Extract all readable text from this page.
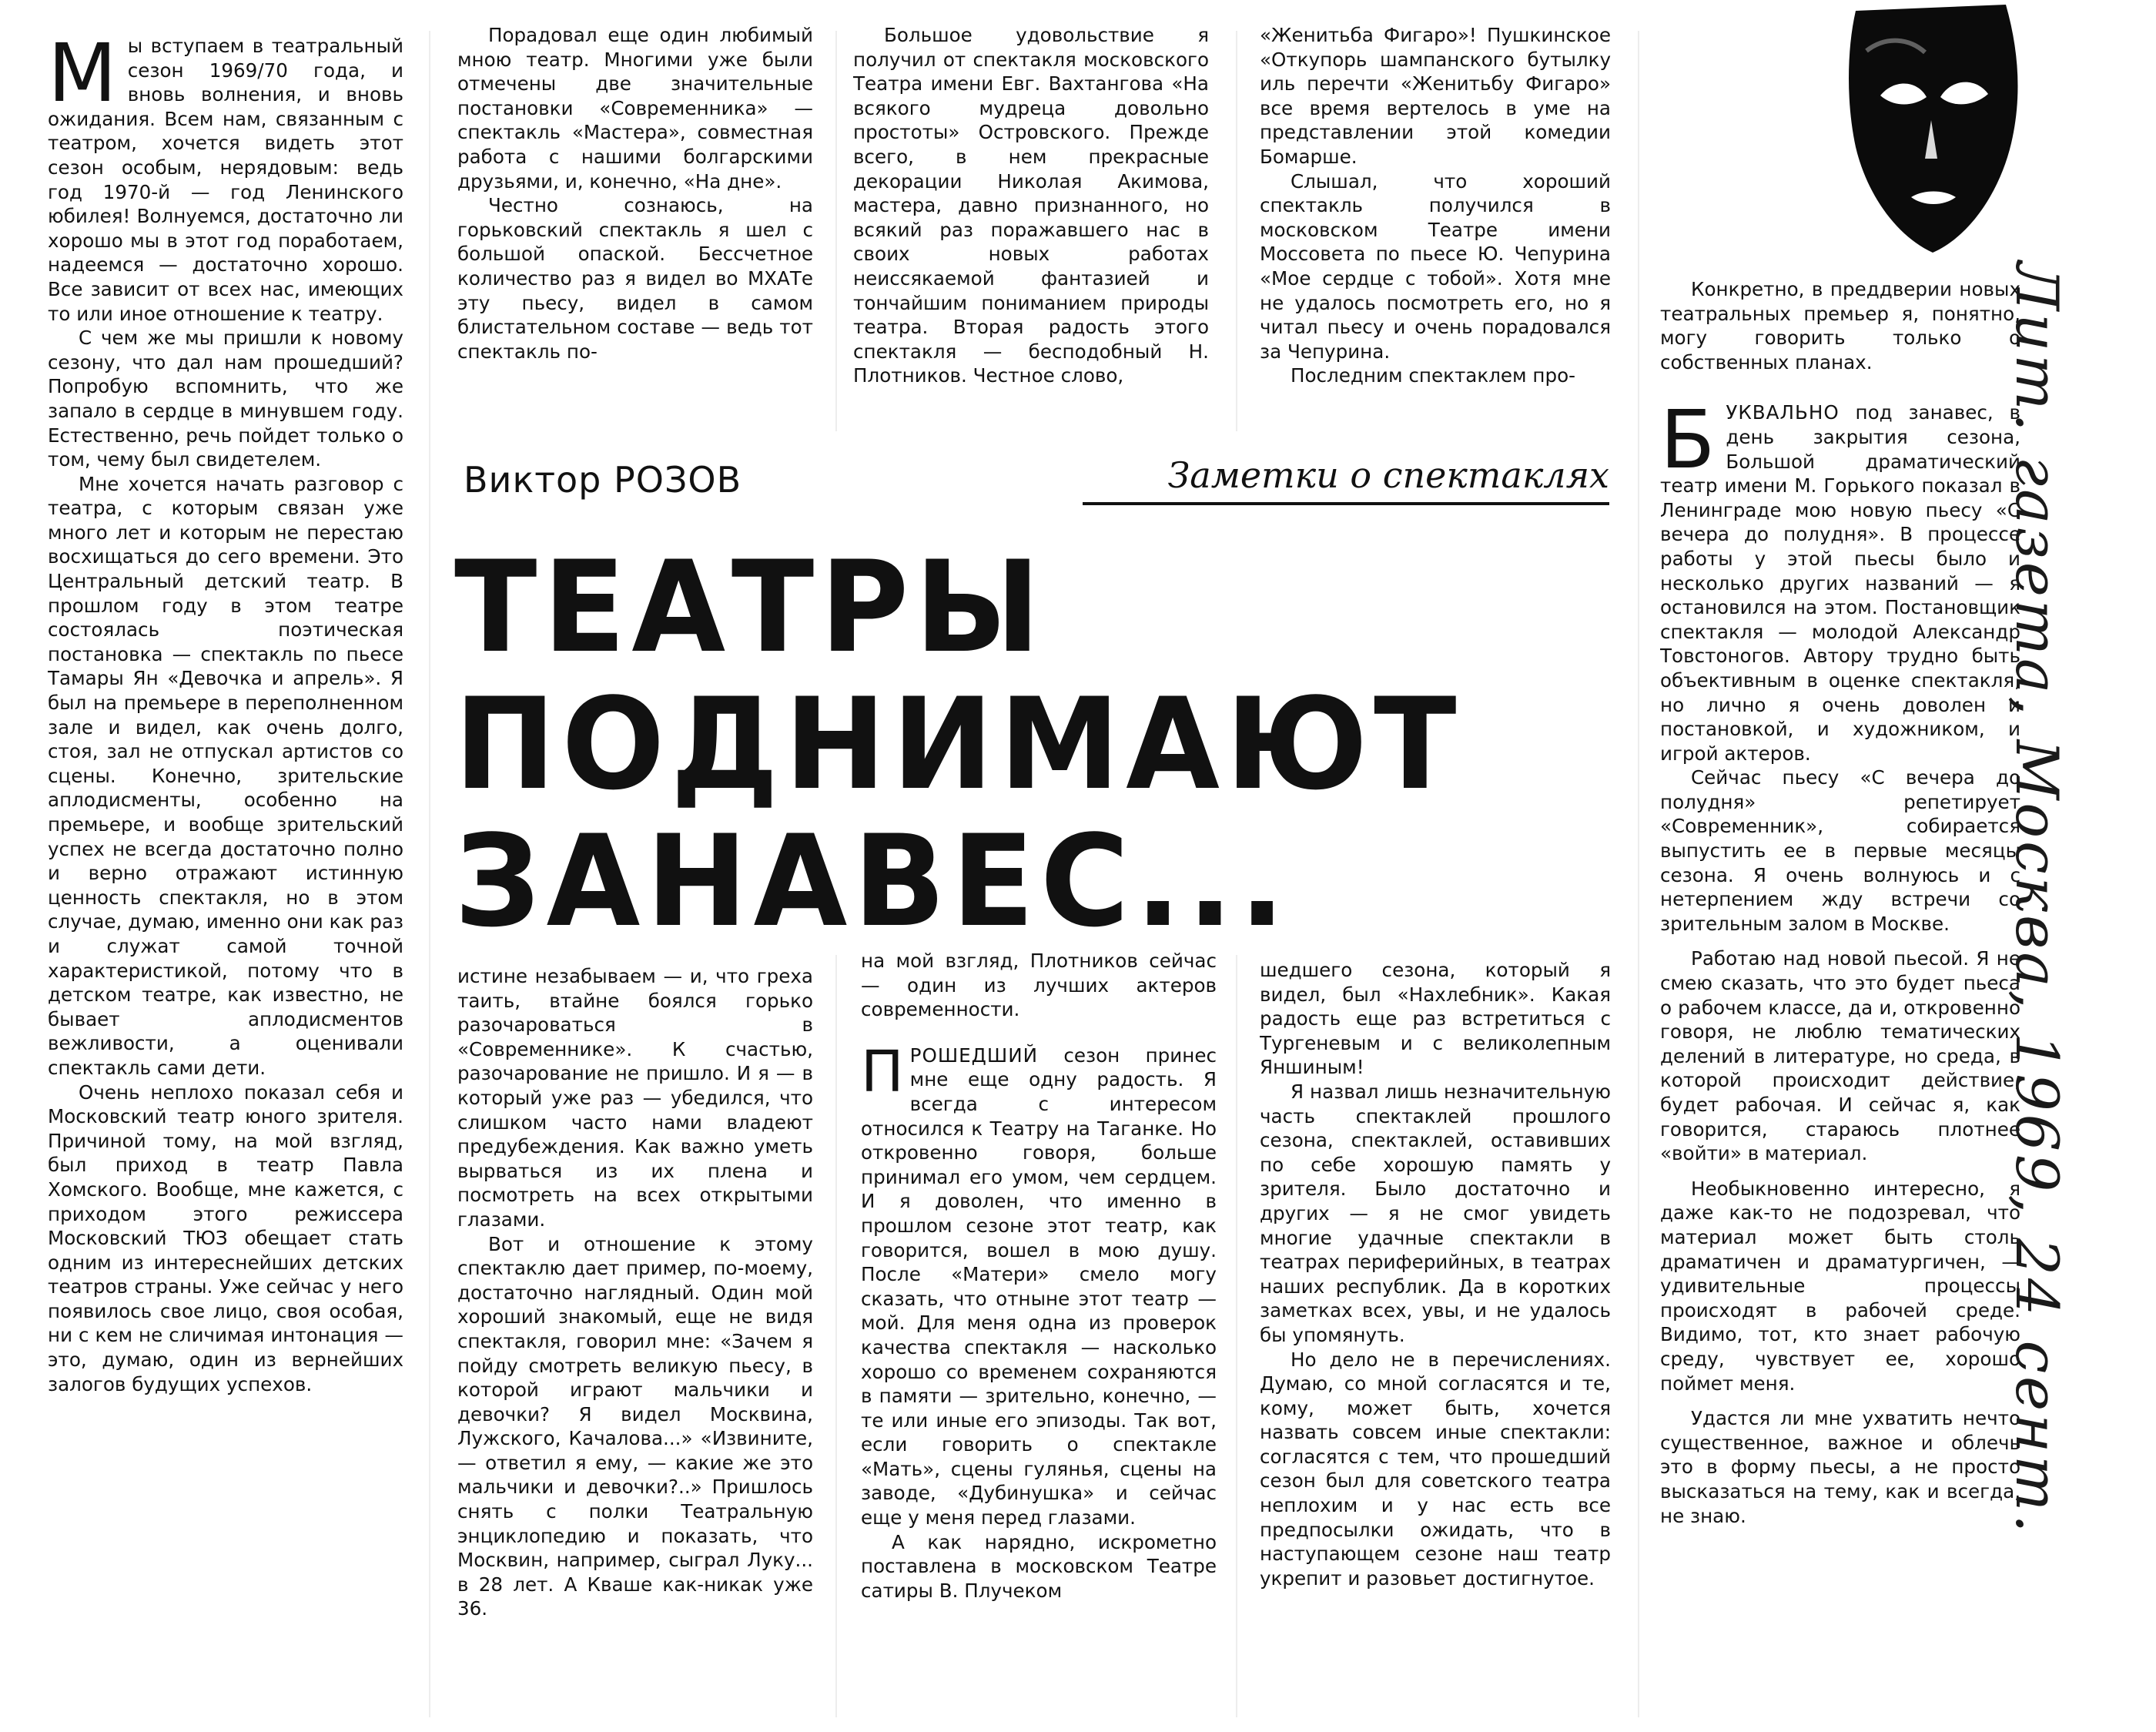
Мы вступаем в театральный сезон 1969/70 года, и вновь волнения, и вновь ожидания. Всем нам, связанным с театром, хочется видеть этот сезон особым, нерядовым: ведь год 1970-й — год Ленинского юбилея! Волнуемся, достаточно ли хорошо мы в этот год поработаем, надеемся — достаточно хорошо. Все зависит от всех нас, имеющих то или иное отношение к театру.

С чем же мы пришли к новому сезону, что дал нам прошедший? Попробую вспомнить, что же запало в сердце в минувшем году. Естественно, речь пойдет только о том, чему был свидетелем.

Мне хочется начать разговор с театра, с которым связан уже много лет и которым не перестаю восхищаться до сего времени. Это Центральный детский театр. В прошлом году в этом театре состоялась поэтическая постановка — спектакль по пьесе Тамары Ян «Девочка и апрель». Я был на премьере в переполненном зале и видел, как очень долго, стоя, зал не отпускал артистов со сцены. Конечно, зрительские аплодисменты, особенно на премьере, и вообще зрительский успех не всегда достаточно полно и верно отражают истинную ценность спектакля, но в этом случае, думаю, именно они как раз и служат самой точной характеристикой, потому что в детском театре, как известно, не бывает аплодисментов вежливости, а оценивали спектакль сами дети.

Очень неплохо показал себя и Московский театр юного зрителя. Причиной тому, на мой взгляд, был приход в театр Павла Хомского. Вообще, мне кажется, с приходом этого режиссера Московский ТЮЗ обещает стать одним из интереснейших детских театров страны. Уже сейчас у него появилось свое лицо, своя особая, ни с кем не сличимая интонация — это, думаю, один из вернейших залогов будущих успехов.

Порадовал еще один любимый мною театр. Многими уже были отмечены две значительные постановки «Современника» — спектакль «Мастера», совместная работа с нашими болгарскими друзьями, и, конечно, «На дне».

Честно сознаюсь, на горьковский спектакль я шел с большой опаской. Бессчетное количество раз я видел во МХАТе эту пьесу, видел в самом блистательном составе — ведь тот спектакль по-

Большое удовольствие я получил от спектакля московского Театра имени Евг. Вахтангова «На всякого мудреца довольно простоты» Островского. Прежде всего, в нем прекрасные декорации Николая Акимова, мастера, давно признанного, но всякий раз поражавшего нас в своих новых работах неиссякаемой фантазией и тончайшим пониманием природы театра. Вторая радость этого спектакля — бесподобный Н. Плотников. Честное слово,

«Женитьба Фигаро»! Пушкинское «Откупорь шампанского бутылку иль перечти «Женитьбу Фигаро» все время вертелось в уме на представлении этой комедии Бомарше.

Слышал, что хороший спектакль получился в московском Театре имени Моссовета по пьесе Ю. Чепурина «Мое сердце с тобой». Хотя мне не удалось посмотреть его, но я читал пьесу и очень порадовался за Чепурина.

Последним спектаклем про-

Виктор РОЗОВ	Заметки о спектаклях
ТЕАТРЫ
ПОДНИМАЮТ
ЗАНАВЕС...

истине незабываем — и, что греха таить, втайне боялся горько разочароваться в «Современнике». К счастью, разочарование не пришло. И я — в который уже раз — убедился, что слишком часто нами владеют предубеждения. Как важно уметь вырваться из их плена и посмотреть на всех открытыми глазами.

Вот и отношение к этому спектаклю дает пример, по-моему, достаточно наглядный. Один мой хороший знакомый, еще не видя спектакля, говорил мне: «Зачем я пойду смотреть великую пьесу, в которой играют мальчики и девочки? Я видел Москвина, Лужского, Качалова...» «Извините, — ответил я ему, — какие же это мальчики и девочки?..» Пришлось снять с полки Театральную энциклопедию и показать, что Москвин, например, сыграл Луку... в 28 лет. А Кваше как-никак уже 36.

на мой взгляд, Плотников сейчас — один из лучших актеров современности.

ПРОШЕДШИЙ сезон принес мне еще одну радость. Я всегда с интересом относился к Театру на Таганке. Но откровенно говоря, больше принимал его умом, чем сердцем. И я доволен, что именно в прошлом сезоне этот театр, как говорится, вошел в мою душу. После «Матери» смело могу сказать, что отныне этот театр — мой. Для меня одна из проверок качества спектакля — насколько хорошо со временем сохраняются в памяти — зрительно, конечно, — те или иные его эпизоды. Так вот, если говорить о спектакле «Мать», сцены гулянья, сцены на заводе, «Дубинушка» и сейчас еще у меня перед глазами.

А как нарядно, искрометно поставлена в московском Театре сатиры В. Плучеком

шедшего сезона, который я видел, был «Нахлебник». Какая радость еще раз встретиться с Тургеневым и с великолепным Яншиным!

Я назвал лишь незначительную часть спектаклей прошлого сезона, спектаклей, оставивших по себе хорошую память у зрителя. Было достаточно и других — я не смог увидеть многие удачные спектакли в театрах периферийных, в театрах наших республик. Да в коротких заметках всех, увы, и не удалось бы упомянуть.

Но дело не в перечислениях. Думаю, со мной согласятся и те, кому, может быть, хочется назвать совсем иные спектакли: согласятся с тем, что прошедший сезон был для советского театра неплохим и у нас есть все предпосылки ожидать, что в наступающем сезоне наш театр укрепит и разовьет достигнутое.

Конкретно, в преддверии новых театральных премьер я, понятно, могу говорить только о собственных планах.

БУКВАЛЬНО под занавес, в день закрытия сезона, Большой драматический театр имени М. Горького показал в Ленинграде мою новую пьесу «С вечера до полудня». В процессе работы у этой пьесы было и несколько других названий — я остановился на этом. Постановщик спектакля — молодой Александр Товстоногов. Автору трудно быть объективным в оценке спектакля, но лично я очень доволен и постановкой, и художником, и игрой актеров.

Сейчас пьесу «С вечера до полудня» репетирует «Современник», собирается выпустить ее в первые месяцы сезона. Я очень волнуюсь и с нетерпением жду встречи со зрительным залом в Москве.

Работаю над новой пьесой. Я не смею сказать, что это будет пьеса о рабочем классе, да и, откровенно говоря, не люблю тематических делений в литературе, но среда, в которой происходит действие, будет рабочая. И сейчас я, как говорится, стараюсь плотнее «войти» в материал.

Необыкновенно интересно, я даже как-то не подозревал, что материал может быть столь драматичен и драматургичен, — удивительные процессы происходят в рабочей среде. Видимо, тот, кто знает рабочую среду, чувствует ее, хорошо поймет меня.

Удастся ли мне ухватить нечто существенное, важное и облечь это в форму пьесы, а не просто высказаться на тему, как и всегда, не знаю.	Лит. газета, Москва, 1969, 24 сент.
